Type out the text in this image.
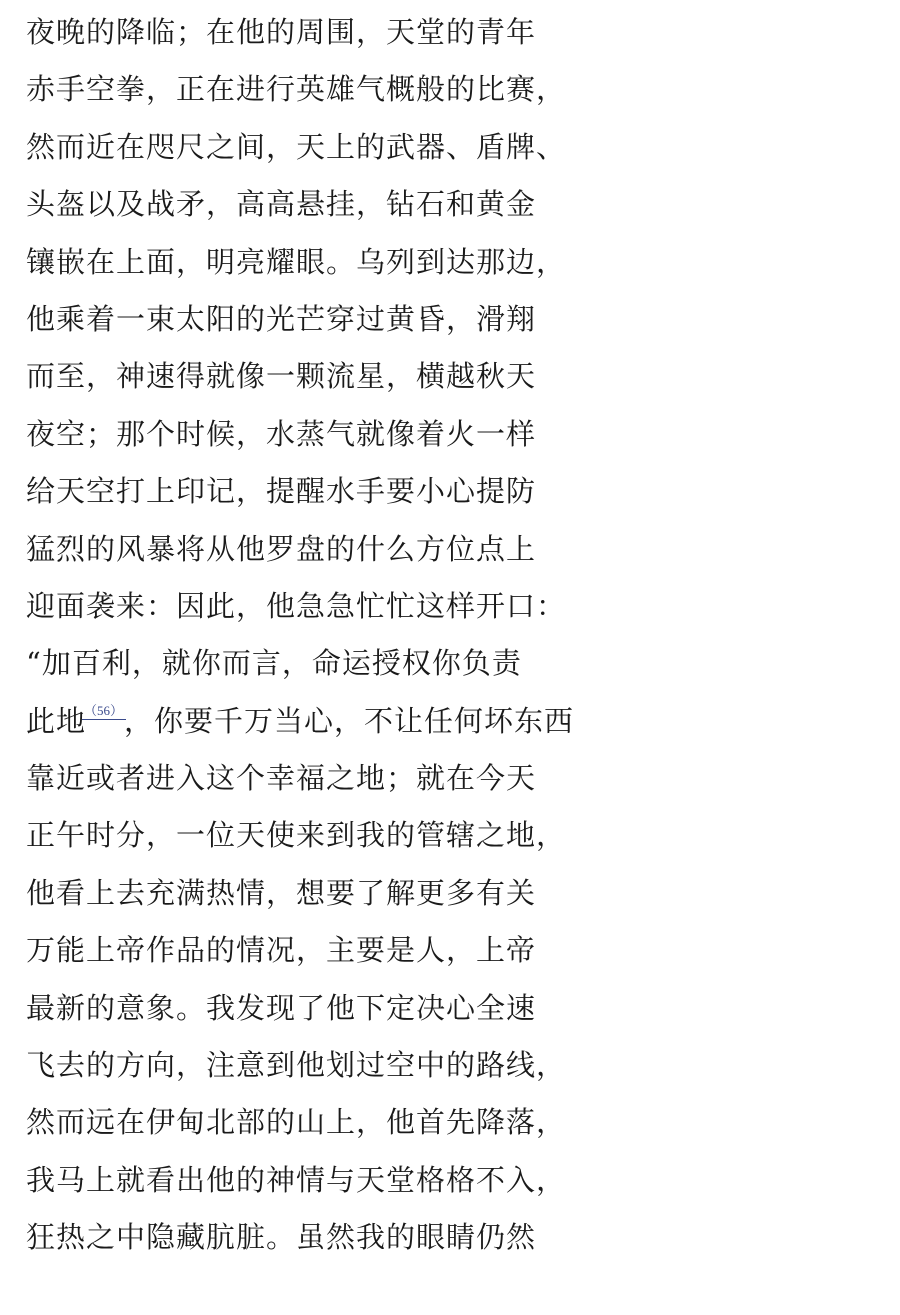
夜晚的降临；在他的周围，天堂的青年
赤手空拳，正在进行英雄气概般的比赛，
然而近在咫尺之间，天上的武器、盾牌、
头盔以及战矛，高高悬挂，钻石和黄金
镶嵌在上面，明亮耀眼。乌列到达那边，
他乘着一束太阳的光芒穿过黄昏，滑翔
而至，神速得就像一颗流星，横越秋天
夜空；那个时候，水蒸气就像着火一样
给天空打上印记，提醒水手要小心提防
猛烈的风暴将从他罗盘的什么方位点上
迎面袭来：因此，他急急忙忙这样开口：
“加百利，就你而言，命运授权你负责
此地（56），你要千万当心，不让任何坏东西
靠近或者进入这个幸福之地；就在今天
正午时分，一位天使来到我的管辖之地，
他看上去充满热情，想要了解更多有关
万能上帝作品的情况，主要是人，上帝
最新的意象。我发现了他下定决心全速
飞去的方向，注意到他划过空中的路线，
然而远在伊甸北部的山上，他首先降落，
我马上就看出他的神情与天堂格格不入，
狂热之中隐藏肮脏。虽然我的眼睛仍然
